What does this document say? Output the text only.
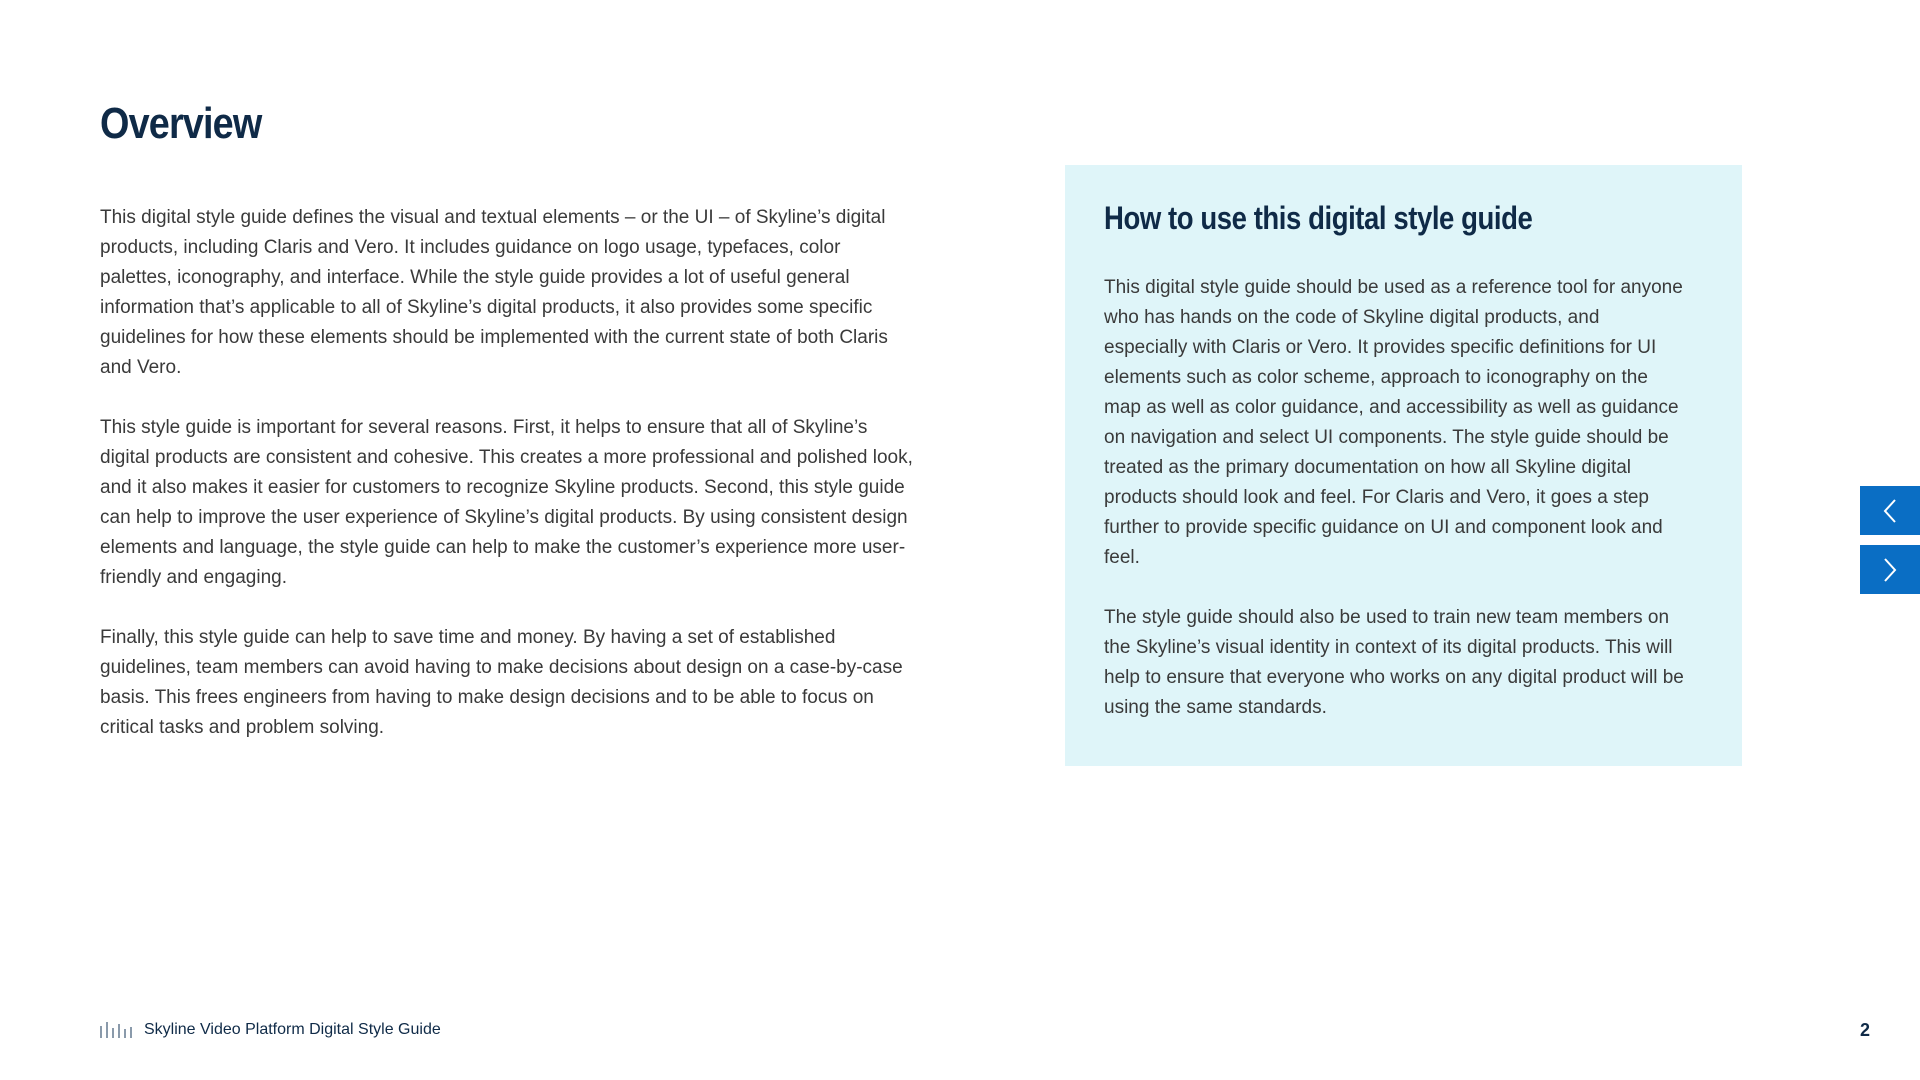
Overview

This digital style guide defines the visual and textual elements – or the UI – of Skyline’s digital products, including Claris and Vero. It includes guidance on logo usage, typefaces, color palettes, iconography, and interface. While the style guide provides a lot of useful general information that’s applicable to all of Skyline’s digital products, it also provides some specific guidelines for how these elements should be implemented with the current state of both Claris and Vero.

This style guide is important for several reasons. First, it helps to ensure that all of Skyline’s digital products are consistent and cohesive. This creates a more professional and polished look, and it also makes it easier for customers to recognize Skyline products. Second, this style guide can help to improve the user experience of Skyline’s digital products. By using consistent design elements and language, the style guide can help to make the customer’s experience more user-friendly and engaging.

Finally, this style guide can help to save time and money. By having a set of established guidelines, team members can avoid having to make decisions about design on a case-by-case basis. This frees engineers from having to make design decisions and to be able to focus on critical tasks and problem solving.

How to use this digital style guide

This digital style guide should be used as a reference tool for anyone who has hands on the code of Skyline digital products, and especially with Claris or Vero. It provides specific definitions for UI elements such as color scheme, approach to iconography on the map as well as color guidance, and accessibility as well as guidance on navigation and select UI components. The style guide should be treated as the primary documentation on how all Skyline digital products should look and feel. For Claris and Vero, it goes a step further to provide specific guidance on UI and component look and feel.

The style guide should also be used to train new team members on the Skyline’s visual identity in context of its digital products. This will help to ensure that everyone who works on any digital product will be using the same standards.

Skyline Video Platform Digital Style Guide	2
